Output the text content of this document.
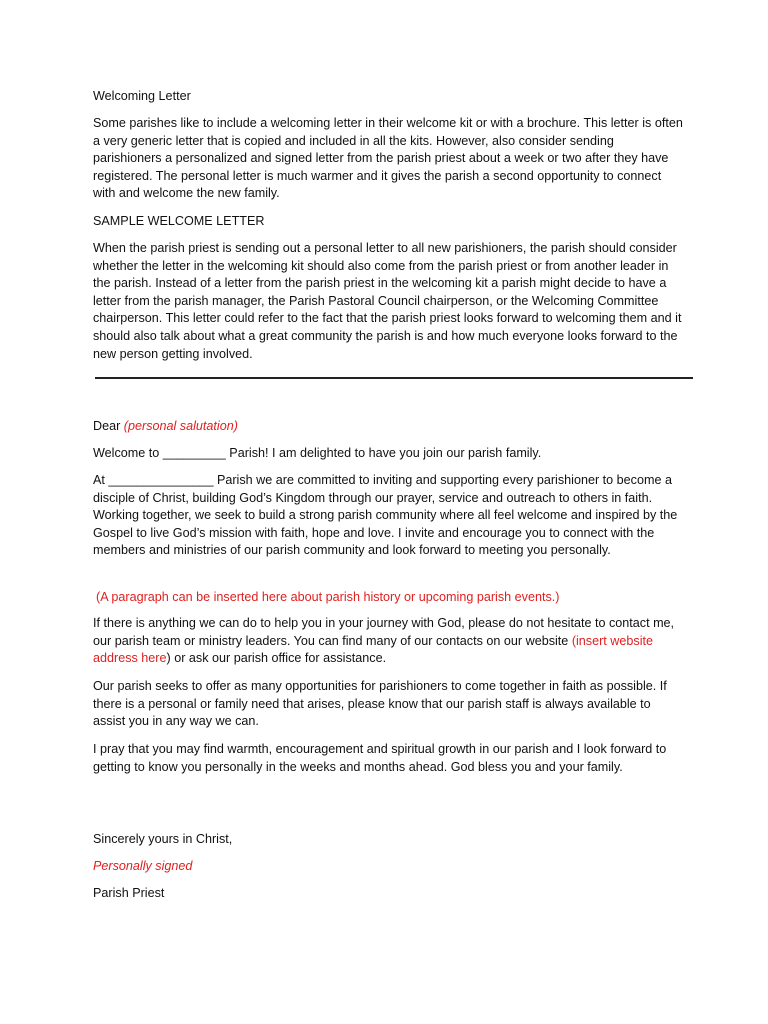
Welcoming Letter

Some parishes like to include a welcoming letter in their welcome kit or with a brochure. This letter is often a very generic letter that is copied and included in all the kits. However, also consider sending parishioners a personalized and signed letter from the parish priest about a week or two after they have registered. The personal letter is much warmer and it gives the parish a second opportunity to connect with and welcome the new family.

SAMPLE WELCOME LETTER

When the parish priest is sending out a personal letter to all new parishioners, the parish should consider whether the letter in the welcoming kit should also come from the parish priest or from another leader in the parish. Instead of a letter from the parish priest in the welcoming kit a parish might decide to have a letter from the parish manager, the Parish Pastoral Council chairperson, or the Welcoming Committee chairperson. This letter could refer to the fact that the parish priest looks forward to welcoming them and it should also talk about what a great community the parish is and how much everyone looks forward to the new person getting involved.

Dear (personal salutation)

Welcome to _________ Parish! I am delighted to have you join our parish family.

At _______________ Parish we are committed to inviting and supporting every parishioner to become a disciple of Christ, building God’s Kingdom through our prayer, service and outreach to others in faith. Working together, we seek to build a strong parish community where all feel welcome and inspired by the Gospel to live God’s mission with faith, hope and love. I invite and encourage you to connect with the members and ministries of our parish community and look forward to meeting you personally.

(A paragraph can be inserted here about parish history or upcoming parish events.)

If there is anything we can do to help you in your journey with God, please do not hesitate to contact me, our parish team or ministry leaders. You can find many of our contacts on our website (insert website address here) or ask our parish office for assistance.

Our parish seeks to offer as many opportunities for parishioners to come together in faith as possible. If there is a personal or family need that arises, please know that our parish staff is always available to assist you in any way we can.

I pray that you may find warmth, encouragement and spiritual growth in our parish and I look forward to getting to know you personally in the weeks and months ahead. God bless you and your family.

Sincerely yours in Christ,

Personally signed

Parish Priest
